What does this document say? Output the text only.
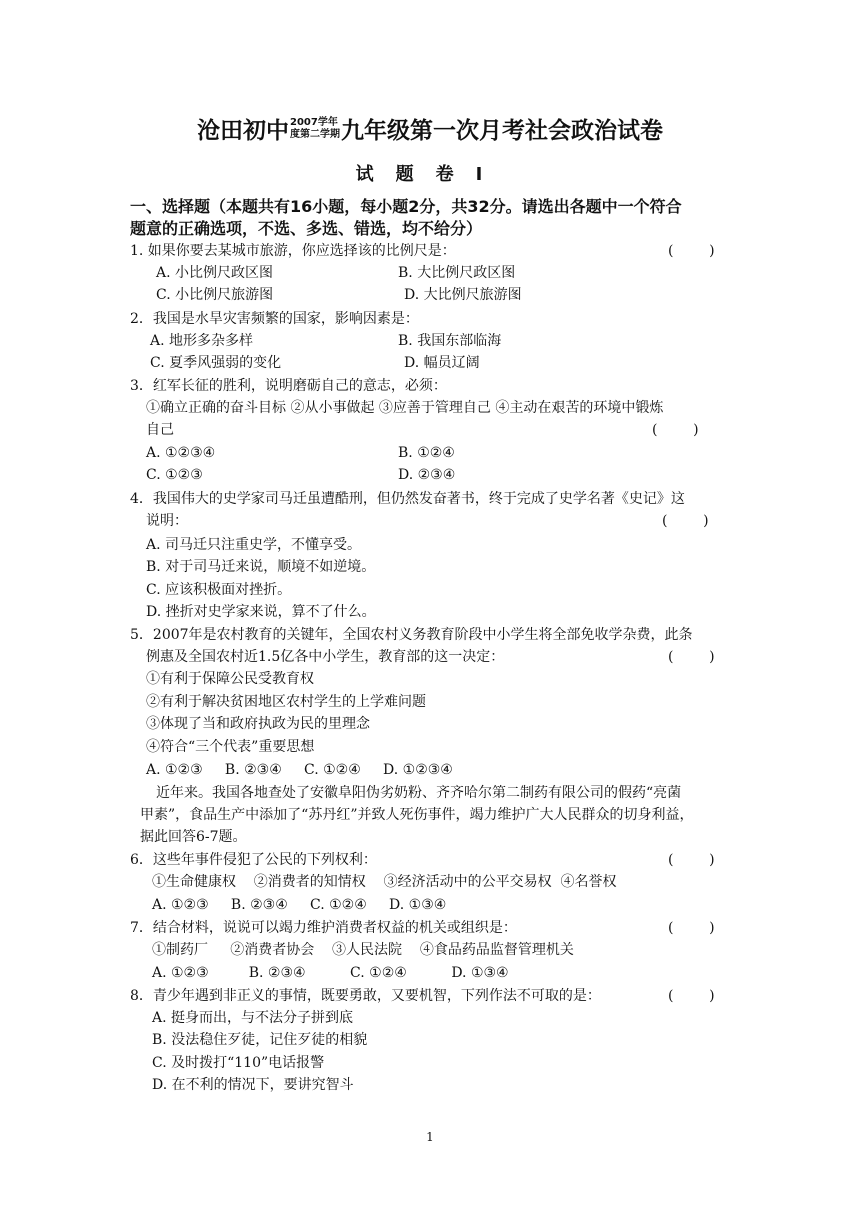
沧田初中2007学年
度第二学期九年级第一次月考社会政治试卷
试题卷Ⅰ
一、选择题（本题共有16小题，每小题2分，共32分。请选出各题中一个符合
题意的正确选项，不选、多选、错选，均不给分）
1. 如果你要去某城市旅游，你应选择该的比例尺是：	(        )
A. 小比例尺政区图	B. 大比例尺政区图
C. 小比例尺旅游图	D. 大比例尺旅游图
2．我国是水旱灾害频繁的国家，影响因素是：
A. 地形多杂多样	B. 我国东部临海
C. 夏季风强弱的变化	D. 幅员辽阔
3．红军长征的胜利，说明磨砺自己的意志，必须：
①确立正确的奋斗目标 ②从小事做起 ③应善于管理自己 ④主动在艰苦的环境中锻炼
自己	(        )
A. ①②③④	B. ①②④
C. ①②③	D. ②③④
4．我国伟大的史学家司马迁虽遭酷刑，但仍然发奋著书，终于完成了史学名著《史记》这
说明：	(        )
A. 司马迁只注重史学，不懂享受。
B. 对于司马迁来说，顺境不如逆境。
C. 应该积极面对挫折。
D. 挫折对史学家来说，算不了什么。
5．2007年是农村教育的关键年，全国农村义务教育阶段中小学生将全部免收学杂费，此条
例惠及全国农村近1.5亿各中小学生，教育部的这一决定：	(        )
①有利于保障公民受教育权
②有利于解决贫困地区农村学生的上学难问题
③体现了当和政府执政为民的里理念
④符合“三个代表”重要思想
A. ①②③     B. ②③④     C. ①②④     D. ①②③④
近年来。我国各地查处了安徽阜阳伪劣奶粉、齐齐哈尔第二制药有限公司的假药“亮菌
甲素”，食品生产中添加了“苏丹红”并致人死伤事件，竭力维护广大人民群众的切身利益，
据此回答6-7题。
6．这些年事件侵犯了公民的下列权利：	(        )
①生命健康权    ②消费者的知情权    ③经济活动中的公平交易权  ④名誉权
A. ①②③     B. ②③④     C. ①②④     D. ①③④
7．结合材料，说说可以竭力维护消费者权益的机关或组织是：	(        )
①制药厂     ②消费者协会    ③人民法院    ④食品药品监督管理机关
A. ①②③         B. ②③④          C. ①②④          D. ①③④
8．青少年遇到非正义的事情，既要勇敢，又要机智，下列作法不可取的是：	(        )
A. 挺身而出，与不法分子拼到底
B. 没法稳住歹徒，记住歹徒的相貌
C. 及时拨打“110”电话报警
D. 在不利的情况下，要讲究智斗
1
